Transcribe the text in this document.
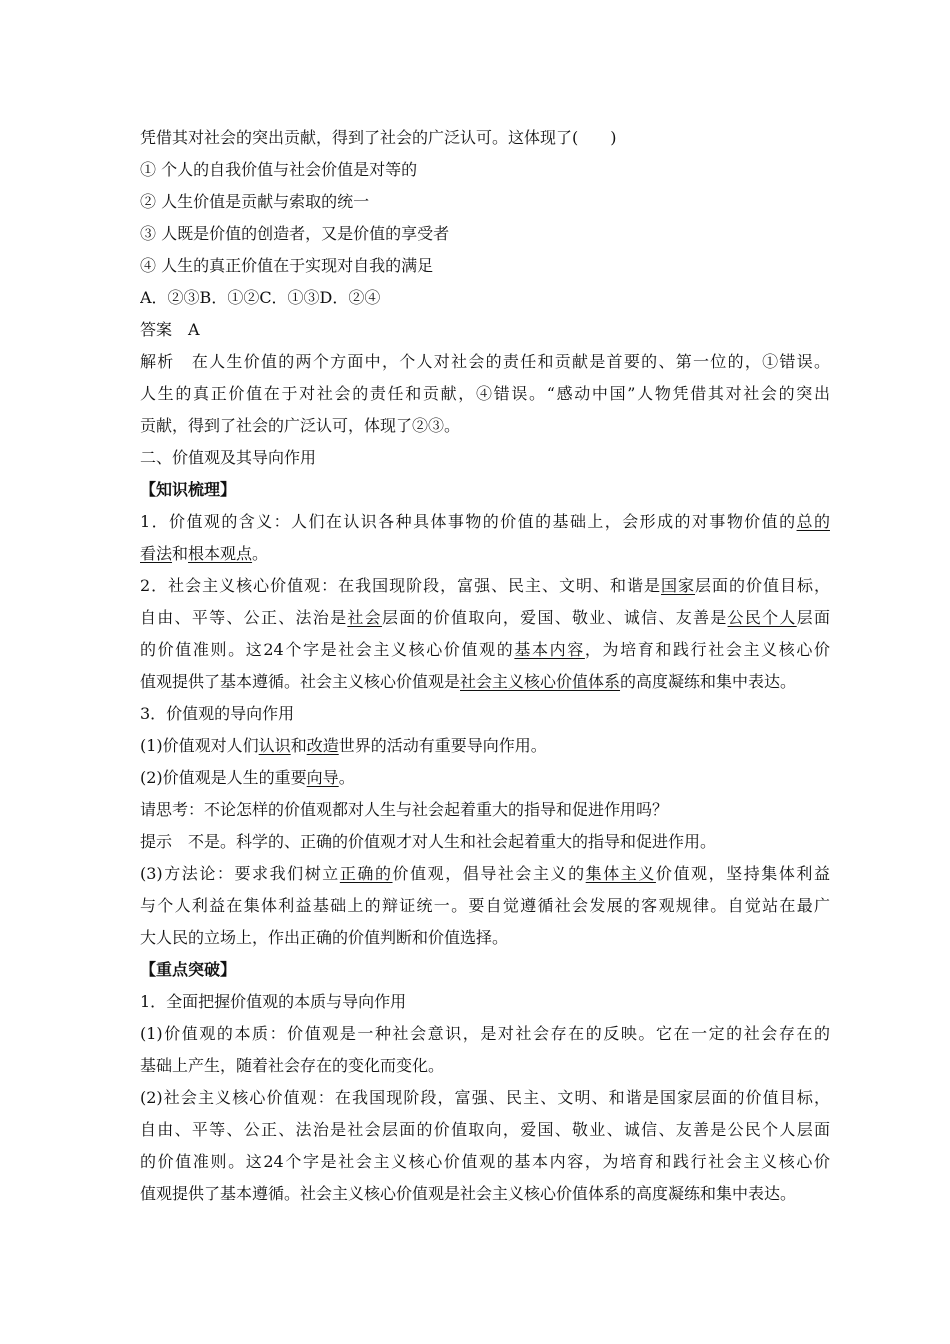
凭借其对社会的突出贡献，得到了社会的广泛认可。这体现了(　　)
① 个人的自我价值与社会价值是对等的
② 人生价值是贡献与索取的统一
③ 人既是价值的创造者，又是价值的享受者
④ 人生的真正价值在于实现对自我的满足
A．②③B．①②C．①③D．②④
答案　A
解析　在人生价值的两个方面中，个人对社会的责任和贡献是首要的、第一位的，①错误。
人生的真正价值在于对社会的责任和贡献，④错误。“感动中国”人物凭借其对社会的突出
贡献，得到了社会的广泛认可，体现了②③。
二、价值观及其导向作用
【知识梳理】
1．价值观的含义：人们在认识各种具体事物的价值的基础上，会形成的对事物价值的总的
看法和根本观点。
2．社会主义核心价值观：在我国现阶段，富强、民主、文明、和谐是国家层面的价值目标，
自由、平等、公正、法治是社会层面的价值取向，爱国、敬业、诚信、友善是公民个人层面
的价值准则。这24个字是社会主义核心价值观的基本内容，为培育和践行社会主义核心价
值观提供了基本遵循。社会主义核心价值观是社会主义核心价值体系的高度凝练和集中表达。
3．价值观的导向作用
(1)价值观对人们认识和改造世界的活动有重要导向作用。
(2)价值观是人生的重要向导。
请思考：不论怎样的价值观都对人生与社会起着重大的指导和促进作用吗？
提示　不是。科学的、正确的价值观才对人生和社会起着重大的指导和促进作用。
(3)方法论：要求我们树立正确的价值观，倡导社会主义的集体主义价值观，坚持集体利益
与个人利益在集体利益基础上的辩证统一。要自觉遵循社会发展的客观规律。自觉站在最广
大人民的立场上，作出正确的价值判断和价值选择。
【重点突破】
1．全面把握价值观的本质与导向作用
(1)价值观的本质：价值观是一种社会意识，是对社会存在的反映。它在一定的社会存在的
基础上产生，随着社会存在的变化而变化。
(2)社会主义核心价值观：在我国现阶段，富强、民主、文明、和谐是国家层面的价值目标，
自由、平等、公正、法治是社会层面的价值取向，爱国、敬业、诚信、友善是公民个人层面
的价值准则。这24个字是社会主义核心价值观的基本内容，为培育和践行社会主义核心价
值观提供了基本遵循。社会主义核心价值观是社会主义核心价值体系的高度凝练和集中表达。
